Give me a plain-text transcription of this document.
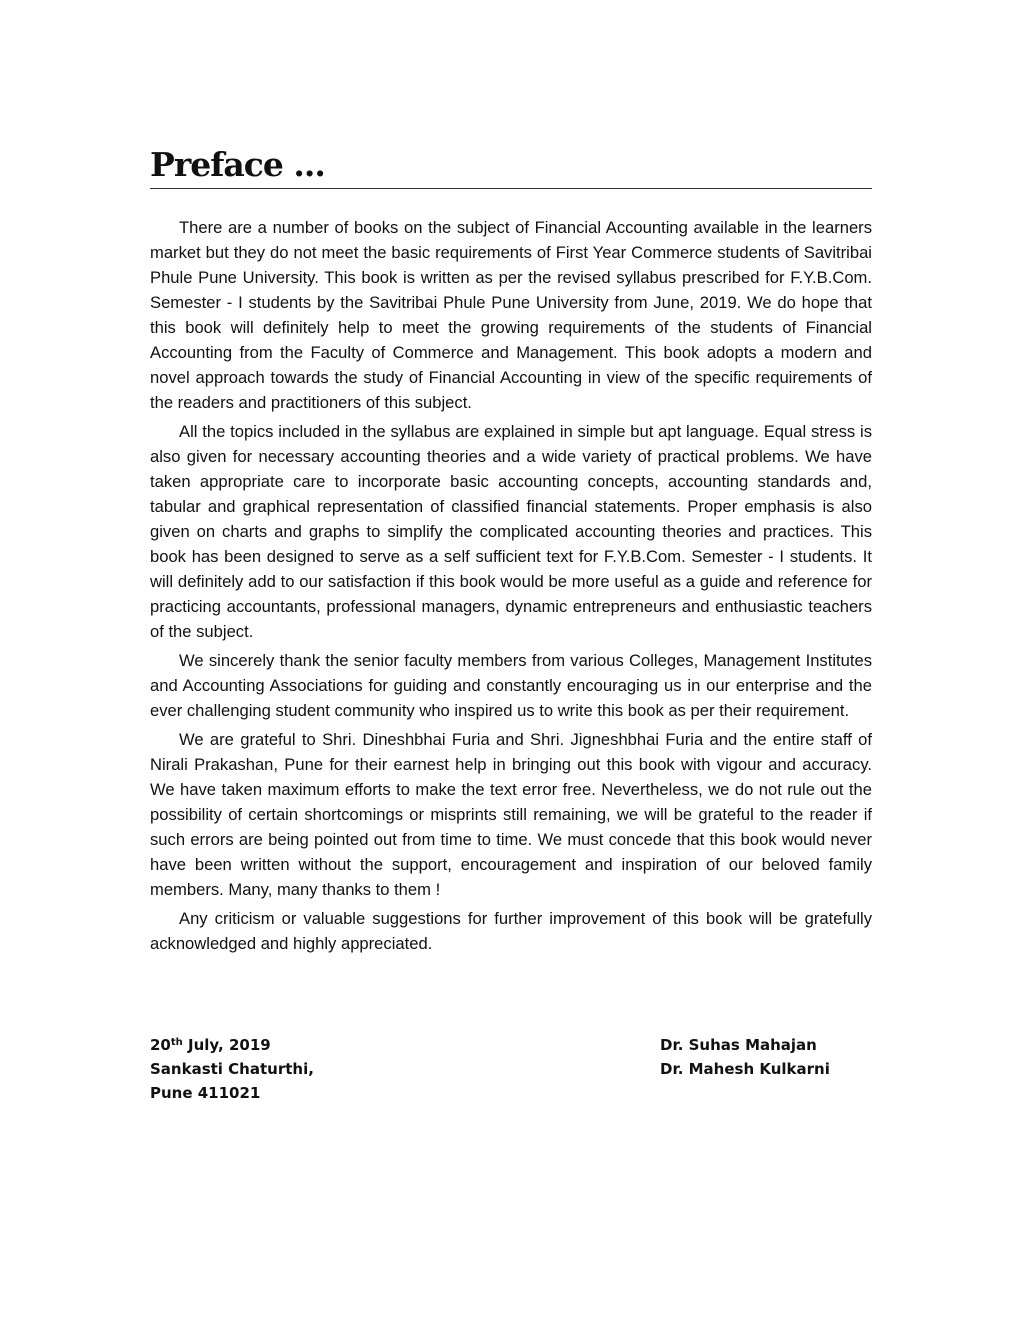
Preface ...

There are a number of books on the subject of Financial Accounting available in the learners market but they do not meet the basic requirements of First Year Commerce students of Savitribai Phule Pune University. This book is written as per the revised syllabus prescribed for F.Y.B.Com. Semester - I students by the Savitribai Phule Pune University from June, 2019. We do hope that this book will definitely help to meet the growing requirements of the students of Financial Accounting from the Faculty of Commerce and Management. This book adopts a modern and novel approach towards the study of Financial Accounting in view of the specific requirements of the readers and practitioners of this subject.

All the topics included in the syllabus are explained in simple but apt language. Equal stress is also given for necessary accounting theories and a wide variety of practical problems. We have taken appropriate care to incorporate basic accounting concepts, accounting standards and, tabular and graphical representation of classified financial statements. Proper emphasis is also given on charts and graphs to simplify the complicated accounting theories and practices. This book has been designed to serve as a self sufficient text for F.Y.B.Com. Semester - I students. It will definitely add to our satisfaction if this book would be more useful as a guide and reference for practicing accountants, professional managers, dynamic entrepreneurs and enthusiastic teachers of the subject.

We sincerely thank the senior faculty members from various Colleges, Management Institutes and Accounting Associations for guiding and constantly encouraging us in our enterprise and the ever challenging student community who inspired us to write this book as per their requirement.

We are grateful to Shri. Dineshbhai Furia and Shri. Jigneshbhai Furia and the entire staff of Nirali Prakashan, Pune for their earnest help in bringing out this book with vigour and accuracy. We have taken maximum efforts to make the text error free. Nevertheless, we do not rule out the possibility of certain shortcomings or misprints still remaining, we will be grateful to the reader if such errors are being pointed out from time to time. We must concede that this book would never have been written without the support, encouragement and inspiration of our beloved family members. Many, many thanks to them !

Any criticism or valuable suggestions for further improvement of this book will be gratefully acknowledged and highly appreciated.

20th July, 2019
Sankasti Chaturthi,
Pune 411021
Dr. Suhas Mahajan
Dr. Mahesh Kulkarni
